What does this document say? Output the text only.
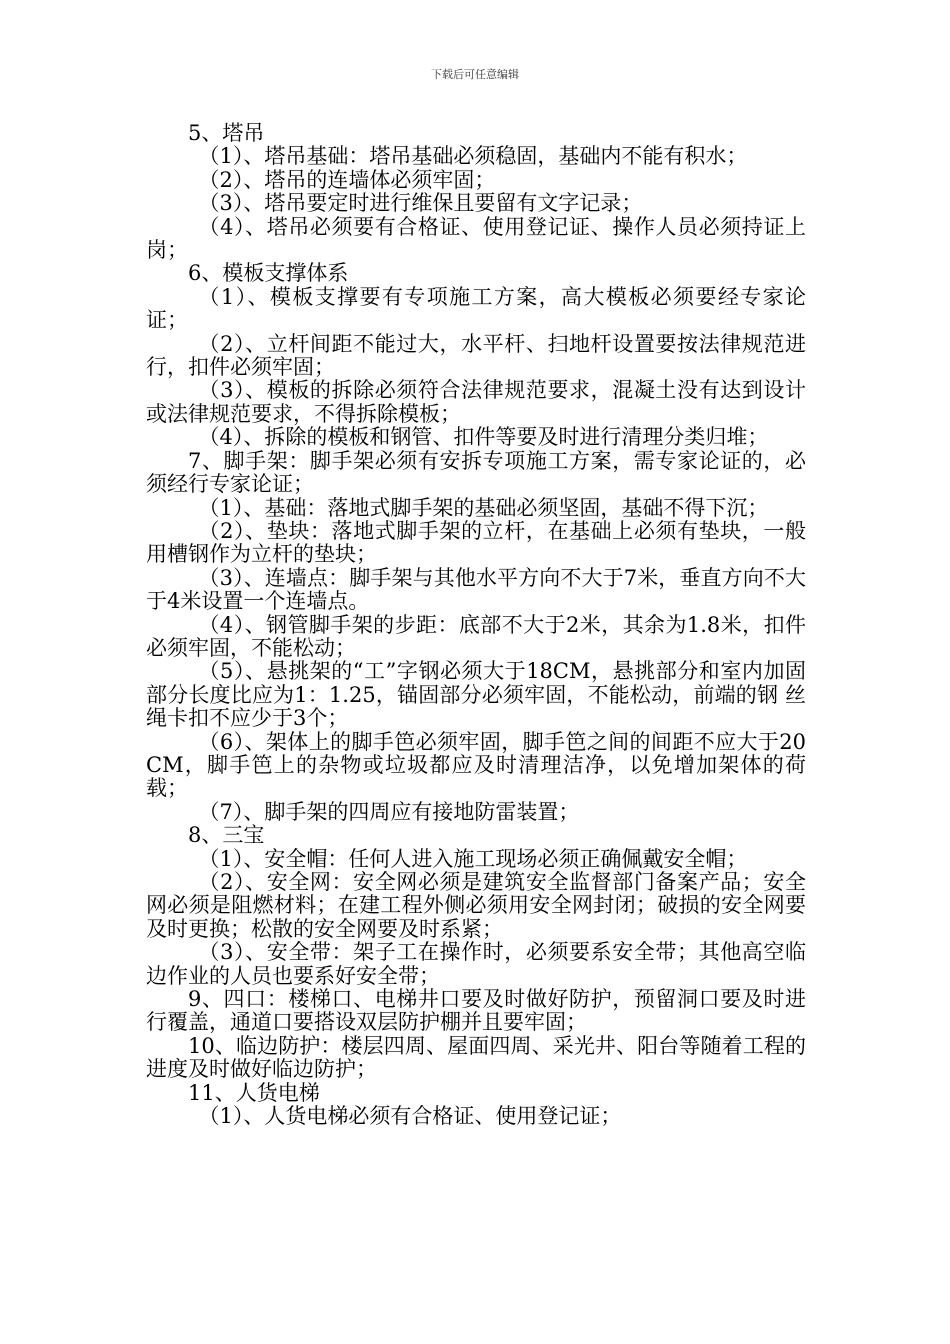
下载后可任意编辑

5、塔吊

（1）、塔吊基础：塔吊基础必须稳固，基础内不能有积水；

（2）、塔吊的连墙体必须牢固；

（3）、塔吊要定时进行维保且要留有文字记录；

（4）、塔吊必须要有合格证、使用登记证、操作人员必须持证上岗；

6、模板支撑体系

（1）、模板支撑要有专项施工方案，高大模板必须要经专家论证；

（2）、立杆间距不能过大，水平杆、扫地杆设置要按法律规范进行，扣件必须牢固；

（3）、模板的拆除必须符合法律规范要求，混凝土没有达到设计或法律规范要求，不得拆除模板；

（4）、拆除的模板和钢管、扣件等要及时进行清理分类归堆；

7、脚手架：脚手架必须有安拆专项施工方案，需专家论证的，必须经行专家论证；

（1）、基础：落地式脚手架的基础必须坚固，基础不得下沉；

（2）、垫块：落地式脚手架的立杆，在基础上必须有垫块，一般用槽钢作为立杆的垫块；

（3）、连墙点：脚手架与其他水平方向不大于7米，垂直方向不大于4米设置一个连墙点。

（4）、钢管脚手架的步距：底部不大于2米，其余为1.8米，扣件必须牢固，不能松动；

（5）、悬挑架的“工”字钢必须大于18CM，悬挑部分和室内加固部分长度比应为1：1.25，锚固部分必须牢固，不能松动，前端的钢 丝绳卡扣不应少于3个；

（6）、架体上的脚手笆必须牢固，脚手笆之间的间距不应大于20CM，脚手笆上的杂物或垃圾都应及时清理洁净，以免增加架体的荷载；

（7）、脚手架的四周应有接地防雷装置；

8、三宝

（1）、安全帽：任何人进入施工现场必须正确佩戴安全帽；

（2）、安全网：安全网必须是建筑安全监督部门备案产品；安全网必须是阻燃材料；在建工程外侧必须用安全网封闭；破损的安全网要及时更换；松散的安全网要及时系紧；

（3）、安全带：架子工在操作时，必须要系安全带；其他高空临边作业的人员也要系好安全带；

9、四口：楼梯口、电梯井口要及时做好防护，预留洞口要及时进行覆盖，通道口要搭设双层防护棚并且要牢固；

10、临边防护：楼层四周、屋面四周、采光井、阳台等随着工程的进度及时做好临边防护；

11、人货电梯

（1）、人货电梯必须有合格证、使用登记证；
